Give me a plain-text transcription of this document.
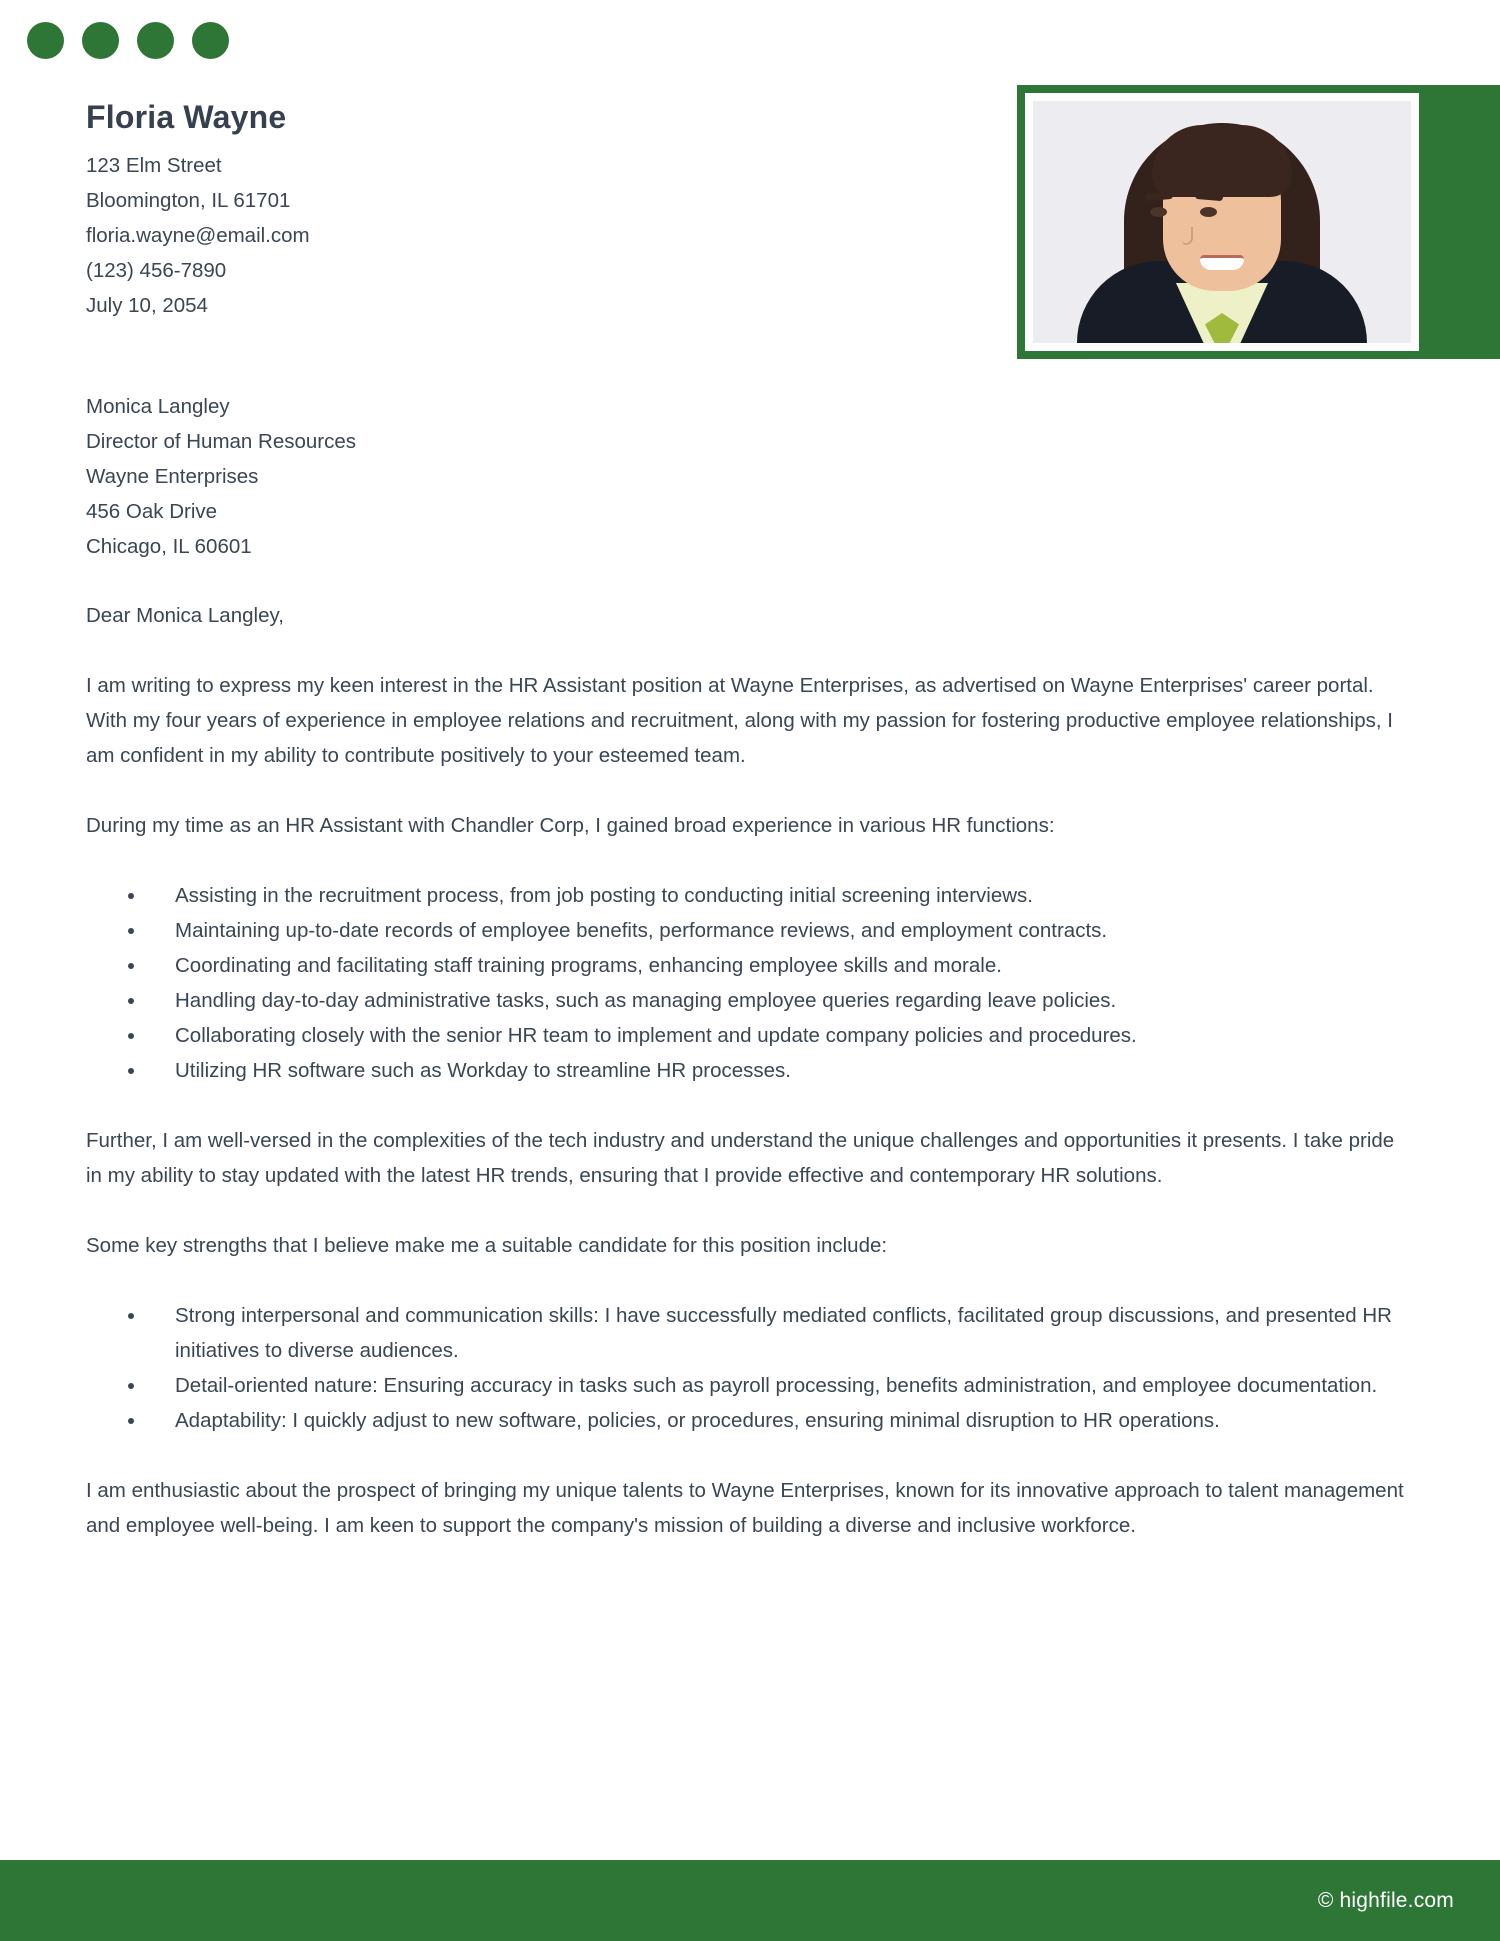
Floria Wayne
123 Elm Street
Bloomington, IL 61701
floria.wayne@email.com
(123) 456-7890
July 10, 2054
Monica Langley
Director of Human Resources
Wayne Enterprises
456 Oak Drive
Chicago, IL 60601
Dear Monica Langley,

I am writing to express my keen interest in the HR Assistant position at Wayne Enterprises, as advertised on Wayne Enterprises' career portal. With my four years of experience in employee relations and recruitment, along with my passion for fostering productive employee relationships, I am confident in my ability to contribute positively to your esteemed team.

During my time as an HR Assistant with Chandler Corp, I gained broad experience in various HR functions:

Assisting in the recruitment process, from job posting to conducting initial screening interviews.
Maintaining up-to-date records of employee benefits, performance reviews, and employment contracts.
Coordinating and facilitating staff training programs, enhancing employee skills and morale.
Handling day-to-day administrative tasks, such as managing employee queries regarding leave policies.
Collaborating closely with the senior HR team to implement and update company policies and procedures.
Utilizing HR software such as Workday to streamline HR processes.

Further, I am well-versed in the complexities of the tech industry and understand the unique challenges and opportunities it presents. I take pride in my ability to stay updated with the latest HR trends, ensuring that I provide effective and contemporary HR solutions.

Some key strengths that I believe make me a suitable candidate for this position include:

Strong interpersonal and communication skills: I have successfully mediated conflicts, facilitated group discussions, and presented HR initiatives to diverse audiences.
Detail-oriented nature: Ensuring accuracy in tasks such as payroll processing, benefits administration, and employee documentation.
Adaptability: I quickly adjust to new software, policies, or procedures, ensuring minimal disruption to HR operations.

I am enthusiastic about the prospect of bringing my unique talents to Wayne Enterprises, known for its innovative approach to talent management and employee well-being. I am keen to support the company's mission of building a diverse and inclusive workforce.

© highfile.com
